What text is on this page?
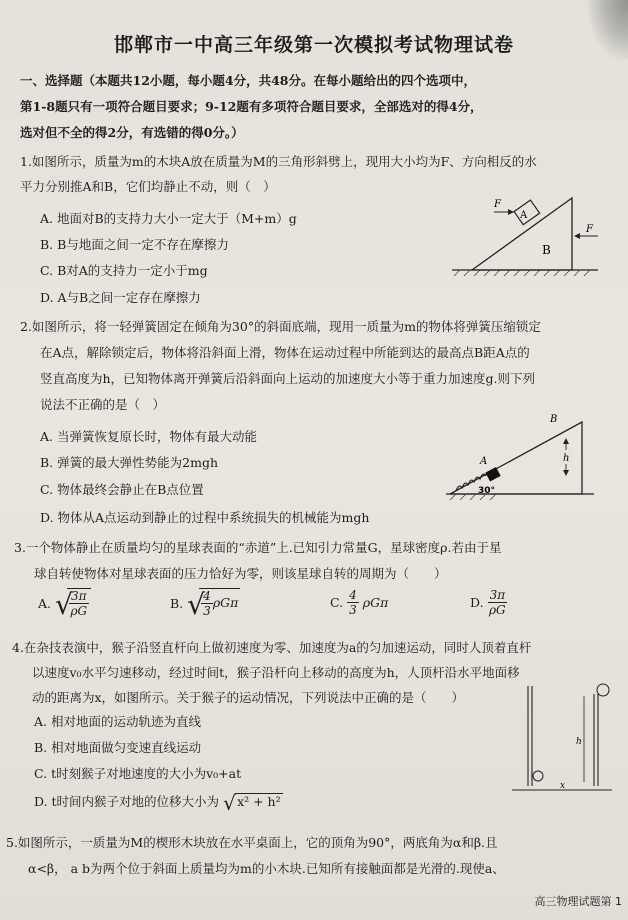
邯郸市一中高三年级第一次模拟考试物理试卷
一、选择题（本题共12小题，每小题4分，共48分。在每小题给出的四个选项中，
第1-8题只有一项符合题目要求；9-12题有多项符合题目要求，全部选对的得4分，
选对但不全的得2分，有选错的得0分。）
1.如图所示，质量为m的木块A放在质量为M的三角形斜劈上，现用大小均为F、方向相反的水
平力分别推A和B，它们均静止不动，则（　）
A. 地面对B的支持力大小一定大于（M+m）g
B. B与地面之间一定不存在摩擦力
C. B对A的支持力一定小于mg
D. A与B之间一定存在摩擦力
A
F
B
F
2.如图所示，将一轻弹簧固定在倾角为30°的斜面底端，现用一质量为m的物体将弹簧压缩锁定
在A点，解除锁定后，物体将沿斜面上滑，物体在运动过程中所能到达的最高点B距A点的
竖直高度为h，已知物体离开弹簧后沿斜面向上运动的加速度大小等于重力加速度g.则下列
说法不正确的是（　）
A. 当弹簧恢复原长时，物体有最大动能
B. 弹簧的最大弹性势能为2mgh
C. 物体最终会静止在B点位置
D. 物体从A点运动到静止的过程中系统损失的机械能为mgh
A
B
h
30°
3.一个物体静止在质量均匀的星球表面的“赤道”上.已知引力常量G，星球密度ρ.若由于星
球自转使物体对星球表面的压力恰好为零，则该星球自转的周期为（　　）
A. √
$\frac{3\pi}{\rho G}$	B. √
$\frac{4}{3}$ ρGπ	C. $\frac{4}{3}$ ρGπ	D. $\frac{3\pi}{\rho G}$
4.在杂技表演中，猴子沿竖直杆向上做初速度为零、加速度为a的匀加速运动，同时人顶着直杆
以速度v₀水平匀速移动，经过时间t，猴子沿杆向上移动的高度为h，人顶杆沿水平地面移
动的距离为x，如图所示。关于猴子的运动情况，下列说法中正确的是（　　）
A. 相对地面的运动轨迹为直线
B. 相对地面做匀变速直线运动
C. t时刻猴子对地速度的大小为v₀+at
D. t时间内猴子对地的位移大小为 √ x² + h²
h
x
5.如图所示，一质量为M的楔形木块放在水平桌面上，它的顶角为90°，两底角为α和β.且
α<β， a b为两个位于斜面上质量均为m的小木块.已知所有接触面都是光滑的.现使a、
高三物理试题第 1
